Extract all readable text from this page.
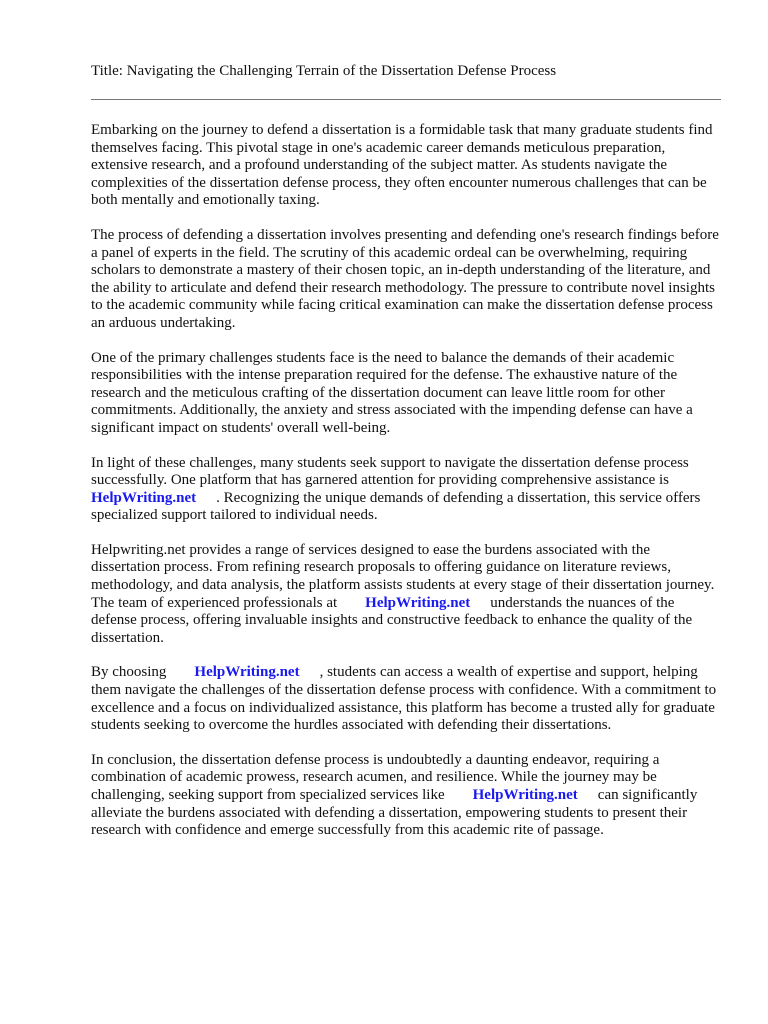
Title: Navigating the Challenging Terrain of the Dissertation Defense Process

Embarking on the journey to defend a dissertation is a formidable task that many graduate students find themselves facing. This pivotal stage in one's academic career demands meticulous preparation, extensive research, and a profound understanding of the subject matter. As students navigate the complexities of the dissertation defense process, they often encounter numerous challenges that can be both mentally and emotionally taxing.

The process of defending a dissertation involves presenting and defending one's research findings before a panel of experts in the field. The scrutiny of this academic ordeal can be overwhelming, requiring scholars to demonstrate a mastery of their chosen topic, an in-depth understanding of the literature, and the ability to articulate and defend their research methodology. The pressure to contribute novel insights to the academic community while facing critical examination can make the dissertation defense process an arduous undertaking.

One of the primary challenges students face is the need to balance the demands of their academic responsibilities with the intense preparation required for the defense. The exhaustive nature of the research and the meticulous crafting of the dissertation document can leave little room for other commitments. Additionally, the anxiety and stress associated with the impending defense can have a significant impact on students' overall well-being.

In light of these challenges, many students seek support to navigate the dissertation defense process successfully. One platform that has garnered attention for providing comprehensive assistance is
HelpWriting.net . Recognizing the unique demands of defending a dissertation, this service offers specialized support tailored to individual needs.

Helpwriting.net provides a range of services designed to ease the burdens associated with the dissertation process. From refining research proposals to offering guidance on literature reviews, methodology, and data analysis, the platform assists students at every stage of their dissertation journey. The team of experienced professionals at HelpWriting.net understands the nuances of the defense process, offering invaluable insights and constructive feedback to enhance the quality of the dissertation.

By choosing HelpWriting.net , students can access a wealth of expertise and support, helping them navigate the challenges of the dissertation defense process with confidence. With a commitment to excellence and a focus on individualized assistance, this platform has become a trusted ally for graduate students seeking to overcome the hurdles associated with defending their dissertations.

In conclusion, the dissertation defense process is undoubtedly a daunting endeavor, requiring a combination of academic prowess, research acumen, and resilience. While the journey may be challenging, seeking support from specialized services like HelpWriting.net can significantly alleviate the burdens associated with defending a dissertation, empowering students to present their research with confidence and emerge successfully from this academic rite of passage.
